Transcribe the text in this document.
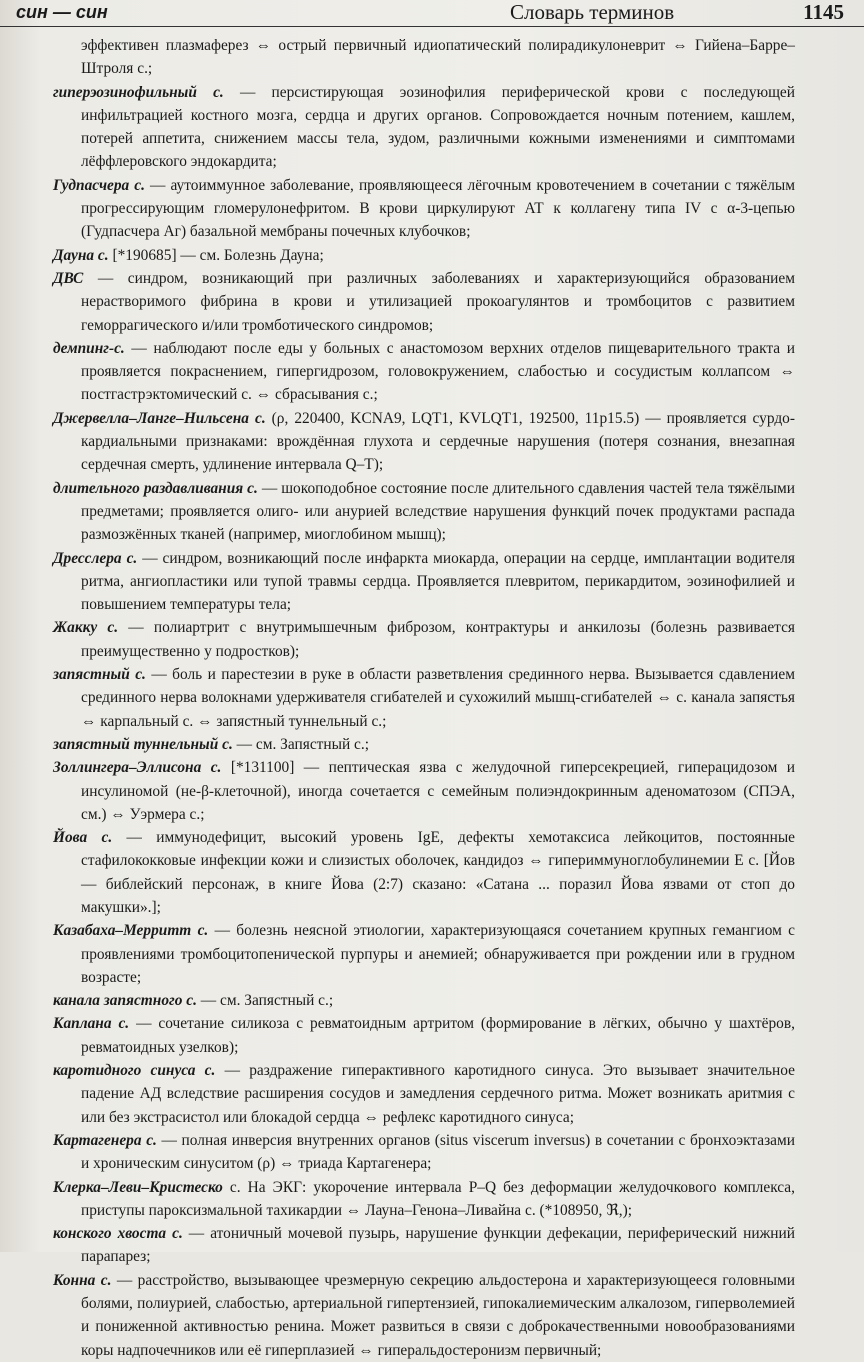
син — син	Словарь терминов	1145

эффективен плазмаферез ⇔ острый первичный идиопатический полирадикулоневрит ⇔ Гийена–Барре–Штроля с.;

гиперэозинофильный с. — персистирующая эозинофилия периферической крови с последующей инфильтрацией костного мозга, сердца и других органов. Сопровождается ночным потением, кашлем, потерей аппетита, снижением массы тела, зудом, различными кожными изменениями и симптомами лёффлеровского эндокардита;

Гудпасчера с. — аутоиммунное заболевание, проявляющееся лёгочным кровотечением в сочетании с тяжёлым прогрессирующим гломерулонефритом. В крови циркулируют АТ к коллагену типа IV с α-3-цепью (Гудпасчера Аг) базальной мембраны почечных клубочков;

Дауна с. [*190685] — см. Болезнь Дауна;

ДВС — синдром, возникающий при различных заболеваниях и характеризующийся образованием нерастворимого фибрина в крови и утилизацией прокоагулянтов и тромбоцитов с развитием геморрагического и/или тромботического синдромов;

демпинг-с. — наблюдают после еды у больных с анастомозом верхних отделов пищеварительного тракта и проявляется покраснением, гипергидрозом, головокружением, слабостью и сосудистым коллапсом ⇔ постгастрэктомический с. ⇔ сбрасывания с.;

Джервелла–Ланге–Нильсена с. (ρ, 220400, KCNA9, LQT1, KVLQT1, 192500, 11p15.5) — проявляется сурдо-кардиальными признаками: врождённая глухота и сердечные нарушения (потеря сознания, внезапная сердечная смерть, удлинение интервала Q–T);

длительного раздавливания с. — шокоподобное состояние после длительного сдавления частей тела тяжёлыми предметами; проявляется олиго- или анурией вследствие нарушения функций почек продуктами распада размозжённых тканей (например, миоглобином мышц);

Дресслера с. — синдром, возникающий после инфаркта миокарда, операции на сердце, имплантации водителя ритма, ангиопластики или тупой травмы сердца. Проявляется плевритом, перикардитом, эозинофилией и повышением температуры тела;

Жакку с. — полиартрит с внутримышечным фиброзом, контрактуры и анкилозы (болезнь развивается преимущественно у подростков);

запястный с. — боль и парестезии в руке в области разветвления срединного нерва. Вызывается сдавлением срединного нерва волокнами удерживателя сгибателей и сухожилий мышц-сгибателей ⇔ с. канала запястья ⇔ карпальный с. ⇔ запястный туннельный с.;

запястный туннельный с. — см. Запястный с.;

Золлингера–Эллисона с. [*131100] — пептическая язва с желудочной гиперсекрецией, гиперацидозом и инсулиномой (не-β-клеточной), иногда сочетается с семейным полиэндокринным аденоматозом (СПЭА, см.) ⇔ Уэрмера с.;

Йова с. — иммунодефицит, высокий уровень IgE, дефекты хемотаксиса лейкоцитов, постоянные стафилококковые инфекции кожи и слизистых оболочек, кандидоз ⇔ гипериммуноглобулинемии E с. [Йов — библейский персонаж, в книге Йова (2:7) сказано: «Сатана ... поразил Йова язвами от стоп до макушки».];

Казабаха–Мерритт с. — болезнь неясной этиологии, характеризующаяся сочетанием крупных гемангиом с проявлениями тромбоцитопенической пурпуры и анемией; обнаруживается при рождении или в грудном возрасте;

канала запястного с. — см. Запястный с.;

Каплана с. — сочетание силикоза с ревматоидным артритом (формирование в лёгких, обычно у шахтёров, ревматоидных узелков);

каротидного синуса с. — раздражение гиперактивного каротидного синуса. Это вызывает значительное падение АД вследствие расширения сосудов и замедления сердечного ритма. Может возникать аритмия с или без экстрасистол или блокадой сердца ⇔ рефлекс каротидного синуса;

Картагенера с. — полная инверсия внутренних органов (situs viscerum inversus) в сочетании с бронхоэктазами и хроническим синуситом (ρ) ⇔ триада Картагенера;

Клерка–Леви–Кристеско с. На ЭКГ: укорочение интервала P–Q без деформации желудочкового комплекса, приступы пароксизмальной тахикардии ⇔ Лауна–Генона–Ливайна с. (*108950, ℜ,);

конского хвоста с. — атоничный мочевой пузырь, нарушение функции дефекации, периферический нижний парапарез;

Конна с. — расстройство, вызывающее чрезмерную секрецию альдостерона и характеризующееся головными болями, полиурией, слабостью, артериальной гипертензией, гипокалиемическим алкалозом, гиперволемией и пониженной активностью ренина. Может развиться в связи с доброкачественными новообразованиями коры надпочечников или её гиперплазией ⇔ гиперальдостеронизм первичный;
